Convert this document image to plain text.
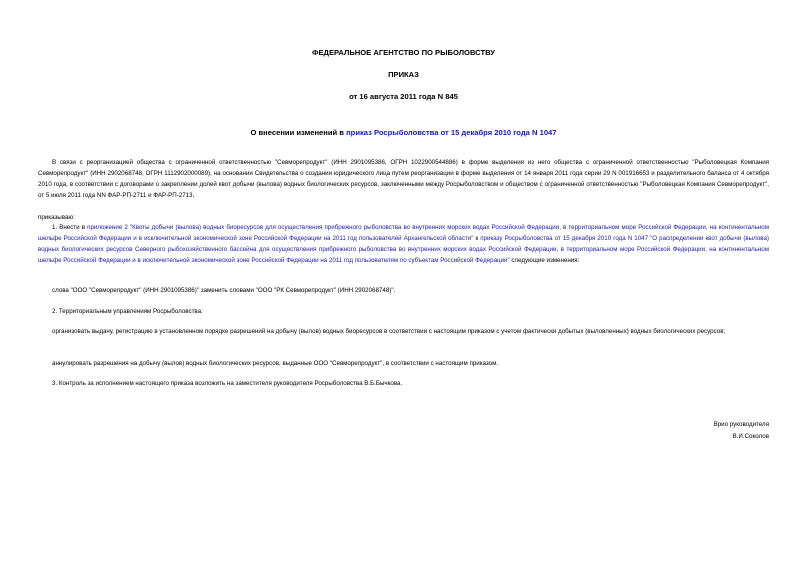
ФЕДЕРАЛЬНОЕ АГЕНТСТВО ПО РЫБОЛОВСТВУ
ПРИКАЗ
от 16 августа 2011 года N 845
О внесении изменений в приказ Росрыболовства от 15 декабря 2010 года N 1047
В связи с реорганизацией общества с ограниченной ответственностью "Севморепродукт" (ИНН 2901095386, ОГРН 1022900544886) в форме выделения из него общества с ограниченной ответственностью "Рыболовецкая Компания Севморепродукт" (ИНН 2902068748, ОГРН 1112902000089), на основании Свидетельства о создании юридического лица путем реорганизации в форме выделения от 14 января 2011 года серии 29 N 001916653 и разделительного баланса от 4 октября 2010 года, в соответствии с договорами о закреплении долей квот добычи (вылова) водных биологических ресурсов, заключенными между Росрыболовством и обществом с ограниченной ответственностью "Рыболовецкая Компания Севморепродукт", от 5 июля 2011 года NN ФАР-РП-2711 и ФАР-РП-2713,
приказываю:
1. Внести в приложение 2 "Квоты добычи (вылова) водных биоресурсов для осуществления прибрежного рыболовства во внутренних морских водах Российской Федерации, в территориальном море Российской Федерации, на континентальном шельфе Российской Федерации и в исключительной экономической зоне Российской Федерации на 2011 год пользователей Архангельской области" к приказу Росрыболовства от 15 декабря 2010 года N 1047 "О распределении квот добычи (вылова) водных биологических ресурсов Северного рыбохозяйственного бассейна для осуществления прибрежного рыболовства во внутренних морских водах Российской Федерации, в территориальном море Российской Федерации, на континентальном шельфе Российской Федерации и в исключительной экономической зоне Российской Федерации на 2011 год пользователям по субъектам Российской Федерации" следующие изменения:
слова "ООО "Севморепродукт" (ИНН 2901095386)" заменить словами "ООО "РК Севморепродукт" (ИНН 2902068748)".
2. Территориальным управлениям Росрыболовства:
организовать выдачу, регистрацию в установленном порядке разрешений на добычу (вылов) водных биоресурсов в соответствии с настоящим приказом с учетом фактически добытых (выловленных) водных биологических ресурсов;
аннулировать разрешения на добычу (вылов) водных биологических ресурсов, выданные ООО "Севморепродукт", в соответствии с настоящим приказом.
3. Контроль за исполнением настоящего приказа возложить на заместителя руководителя Росрыболовства В.Б.Бычкова.
Врио руководителя
В.И.Соколов
